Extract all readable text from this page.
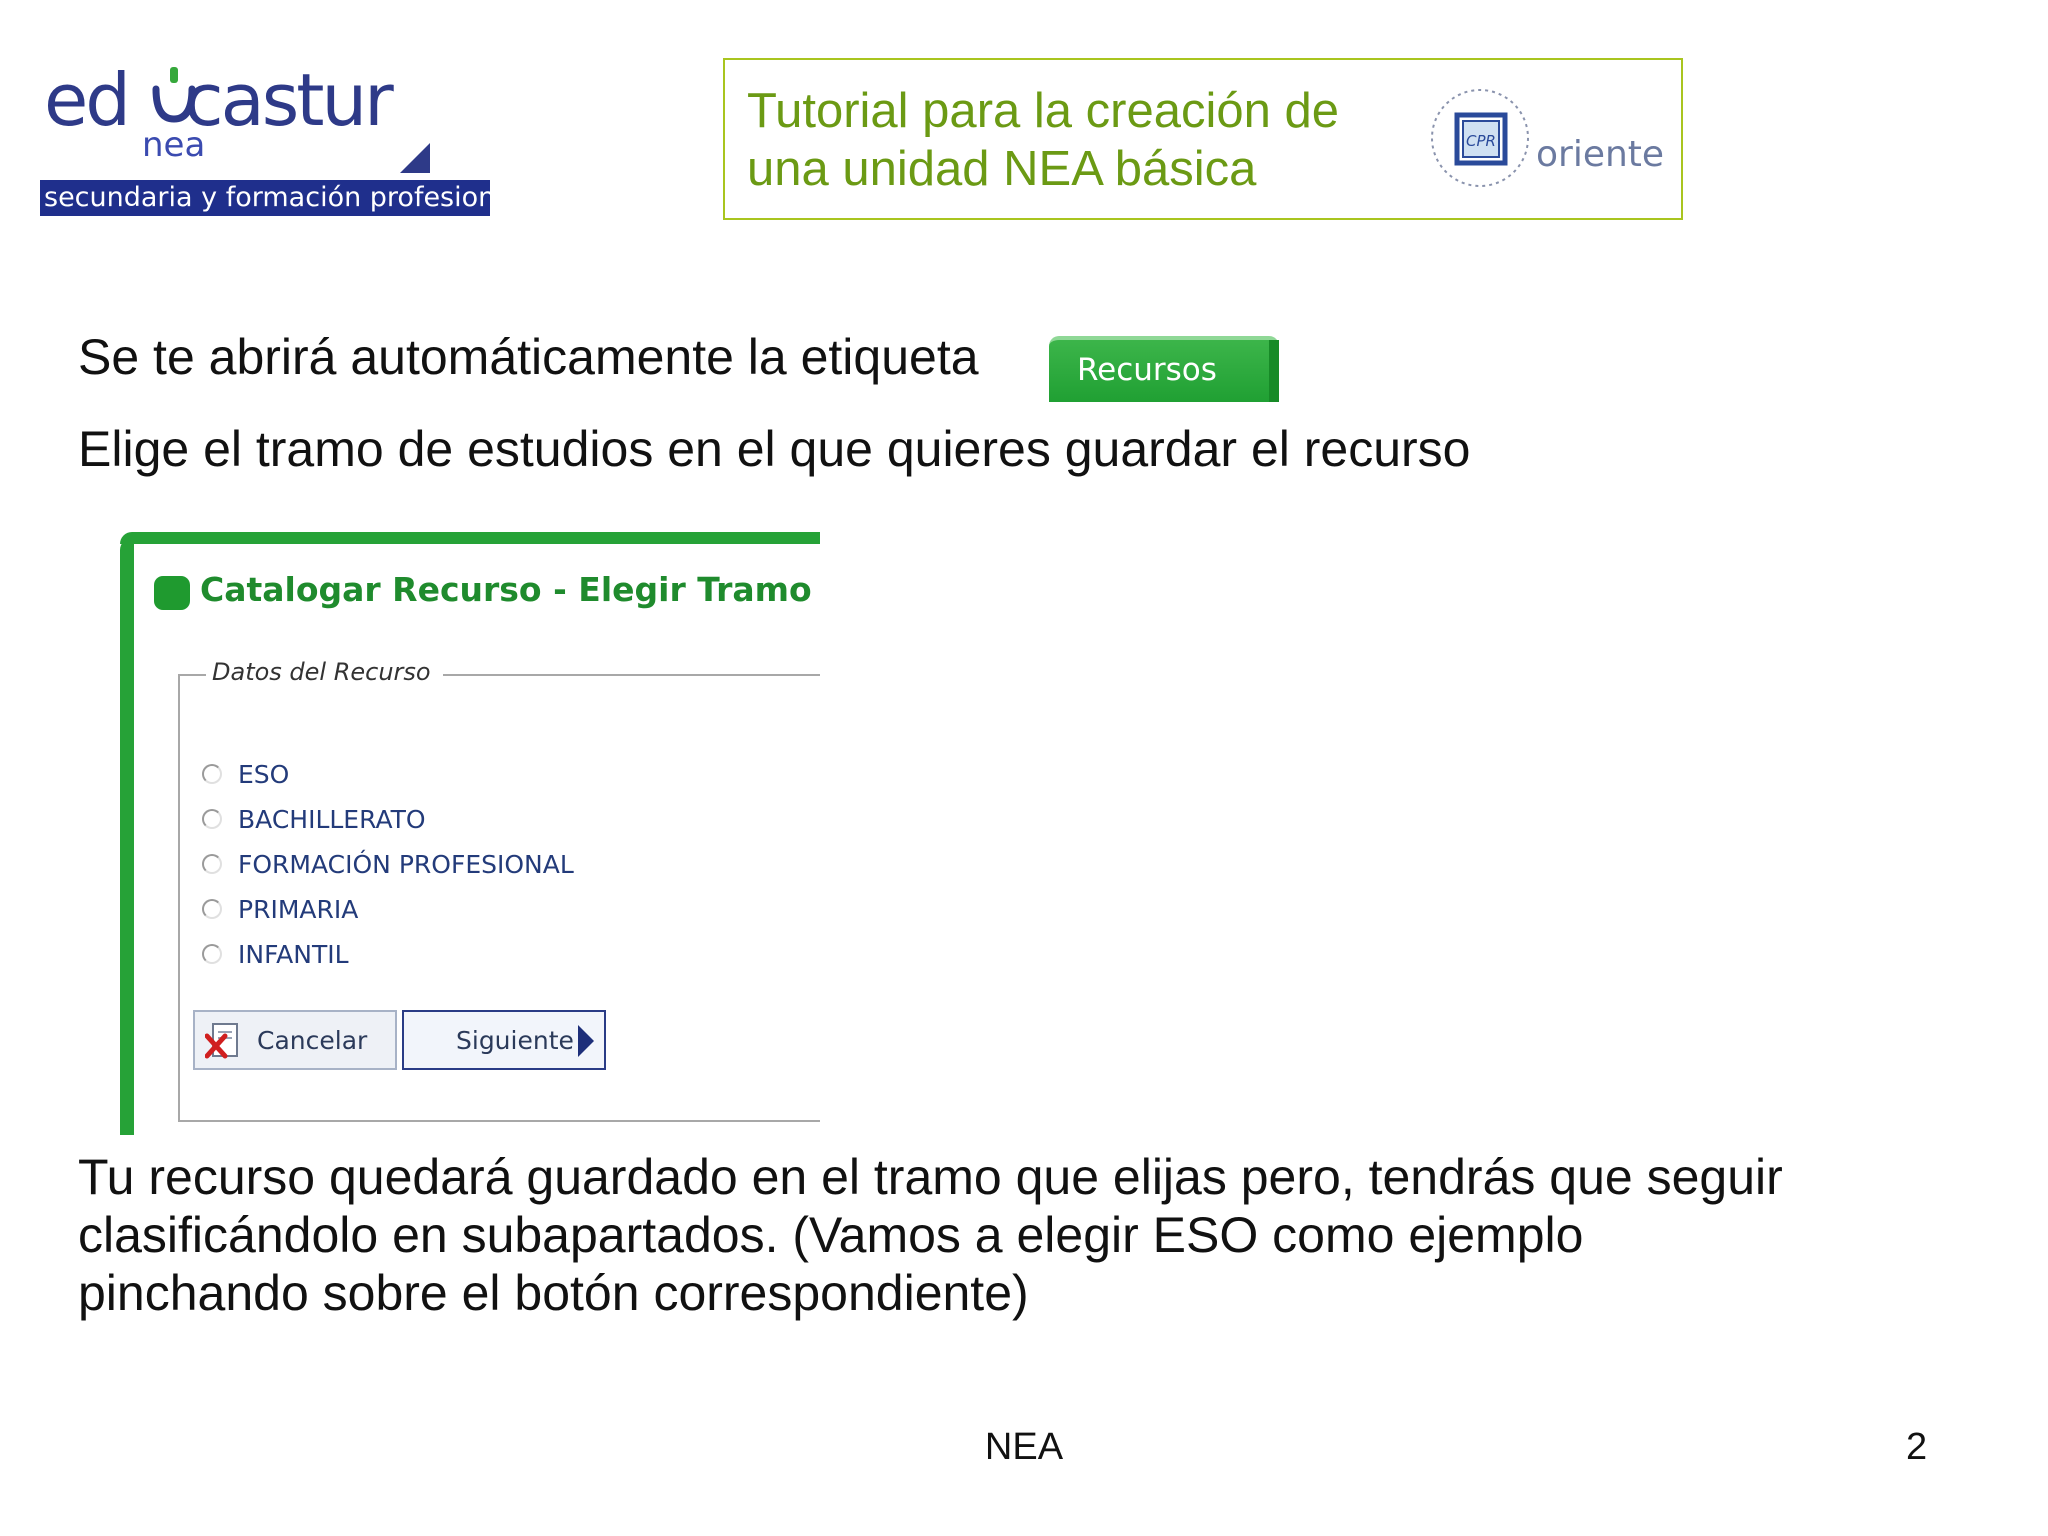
ed castur
nea
secundaria y formación profesional
Tutorial para la creación de
una unidad NEA básica
CPR oriente
Se te abrirá automáticamente la etiqueta	Recursos
Elige el tramo de estudios en el que quieres guardar el recurso
Catalogar Recurso - Elegir Tramo
Datos del Recurso
ESO
BACHILLERATO
FORMACIÓN PROFESIONAL
PRIMARIA
INFANTIL
Cancelar	Siguiente
Tu recurso quedará guardado en el tramo que elijas pero, tendrás que seguir
clasificándolo en subapartados. (Vamos a elegir ESO como ejemplo
pinchando sobre el botón correspondiente)
NEA	2
